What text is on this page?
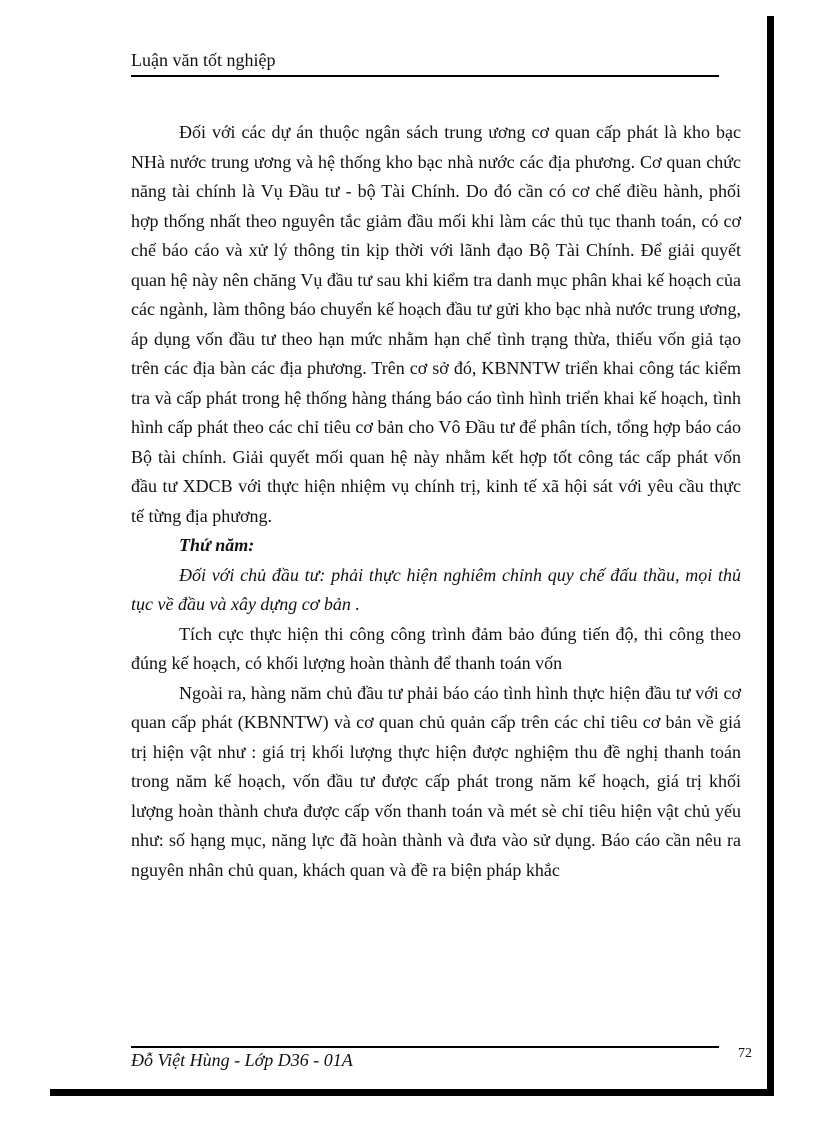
Luận văn tốt nghiệp

Đối với các dự án thuộc ngân sách trung ương cơ quan cấp phát là kho bạc NHà nước trung ương và hệ thống kho bạc nhà nước các địa phương. Cơ quan chức năng tài chính là Vụ Đầu tư - bộ Tài Chính. Do đó cần có cơ chế điều hành, phối hợp thống nhất theo nguyên tắc giảm đầu mối khi làm các thủ tục thanh toán, có cơ chế báo cáo và xử lý thông tin kịp thời với lãnh đạo Bộ Tài Chính. Để giải quyết quan hệ này nên chăng Vụ đầu tư sau khi kiểm tra danh mục phân khai kế hoạch của các ngành, làm thông báo chuyển kế hoạch đầu tư gửi kho bạc nhà nước trung ương, áp dụng vốn đầu tư theo hạn mức nhằm hạn chế tình trạng thừa, thiếu vốn giả tạo trên các địa bàn các địa phương. Trên cơ sở đó, KBNNTW triển khai công tác kiểm tra và cấp phát trong hệ thống hàng tháng báo cáo tình hình triển khai kế hoạch, tình hình cấp phát theo các chỉ tiêu cơ bản cho Vô Đầu tư để phân tích, tổng hợp báo cáo Bộ tài chính. Giải quyết mối quan hệ này nhằm kết hợp tốt công tác cấp phát vốn đầu tư XDCB với thực hiện nhiệm vụ chính trị, kinh tế xã hội sát với yêu cầu thực tế từng địa phương.

Thứ năm:

Đối với chủ đầu tư: phải thực hiện nghiêm chỉnh quy chế đấu thầu, mọi thủ tục về đầu và xây dựng cơ bản .

Tích cực thực hiện thi công công trình đảm bảo đúng tiến độ, thi công theo đúng kế hoạch, có khối lượng hoàn thành để thanh toán vốn

Ngoài ra, hàng năm chủ đầu tư phải báo cáo tình hình thực hiện đầu tư với cơ quan cấp phát (KBNNTW) và cơ quan chủ quản cấp trên các chỉ tiêu cơ bản về giá trị hiện vật như : giá trị khối lượng thực hiện được nghiệm thu đề nghị thanh toán trong năm kế hoạch, vốn đầu tư được cấp phát trong năm kế hoạch, giá trị khối lượng hoàn thành chưa được cấp vốn thanh toán và mét sè chỉ tiêu hiện vật chủ yếu như: số hạng mục, năng lực đã hoàn thành và đưa vào sử dụng. Báo cáo cần nêu ra nguyên nhân chủ quan, khách quan và đề ra biện pháp khắc

Đỗ Việt Hùng - Lớp D36 - 01A	72
